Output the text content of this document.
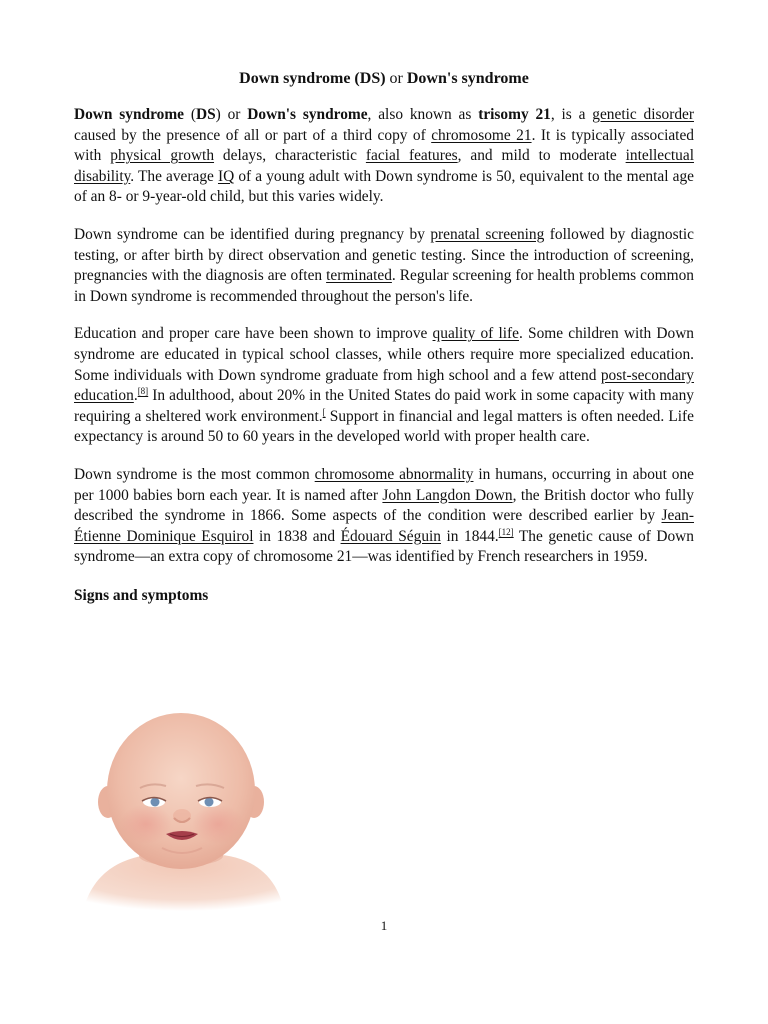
Down syndrome (DS) or Down's syndrome

Down syndrome (DS) or Down's syndrome, also known as trisomy 21, is a genetic disorder caused by the presence of all or part of a third copy of chromosome 21. It is typically associated with physical growth delays, characteristic facial features, and mild to moderate intellectual disability. The average IQ of a young adult with Down syndrome is 50, equivalent to the mental age of an 8- or 9-year-old child, but this varies widely.

Down syndrome can be identified during pregnancy by prenatal screening followed by diagnostic testing, or after birth by direct observation and genetic testing. Since the introduction of screening, pregnancies with the diagnosis are often terminated. Regular screening for health problems common in Down syndrome is recommended throughout the person's life.

Education and proper care have been shown to improve quality of life. Some children with Down syndrome are educated in typical school classes, while others require more specialized education. Some individuals with Down syndrome graduate from high school and a few attend post-secondary education.[8] In adulthood, about 20% in the United States do paid work in some capacity with many requiring a sheltered work environment.[ Support in financial and legal matters is often needed. Life expectancy is around 50 to 60 years in the developed world with proper health care.

Down syndrome is the most common chromosome abnormality in humans, occurring in about one per 1000 babies born each year. It is named after John Langdon Down, the British doctor who fully described the syndrome in 1866. Some aspects of the condition were described earlier by Jean-Étienne Dominique Esquirol in 1838 and Édouard Séguin in 1844.[12] The genetic cause of Down syndrome—an extra copy of chromosome 21—was identified by French researchers in 1959.

Signs and symptoms
1
